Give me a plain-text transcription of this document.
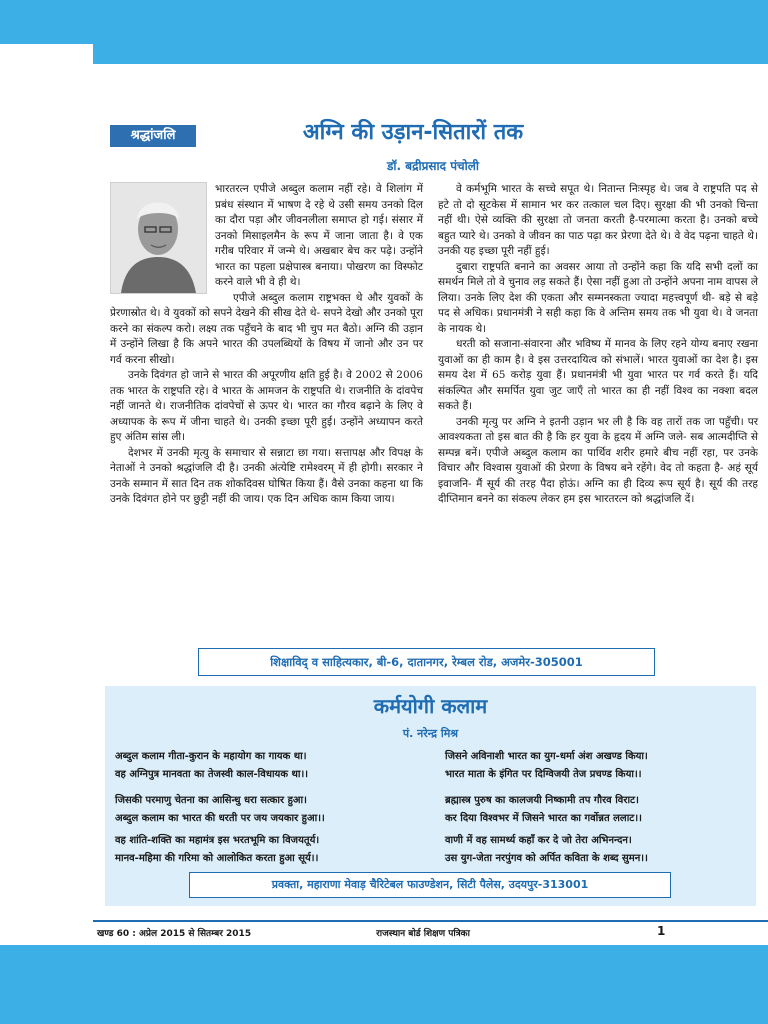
श्रद्धांजलि	अग्नि की उड़ान-सितारों तक
डॉ. बद्रीप्रसाद पंचोली

भारतरत्न एपीजे अब्दुल कलाम नहीं रहे। वे शिलांग में प्रबंध संस्थान में भाषण दे रहे थे उसी समय उनको दिल का दौरा पड़ा और जीवनलीला समाप्त हो गई। संसार में उनको मिसाइलमैन के रूप में जाना जाता है। वे एक गरीब परिवार में जन्मे थे। अखबार बेच कर पढ़े। उन्होंने भारत का पहला प्रक्षेपास्त्र बनाया। पोखरण का विस्फोट करने वाले भी वे ही थे।

एपीजे अब्दुल कलाम राष्ट्रभक्त थे और युवकों के प्रेरणास्रोत थे। वे युवकों को सपने देखने की सीख देते थे- सपने देखो और उनको पूरा करने का संकल्प करो। लक्ष्य तक पहुँचने के बाद भी चुप मत बैठो। अग्नि की उड़ान में उन्होंने लिखा है कि अपने भारत की उपलब्धियों के विषय में जानो और उन पर गर्व करना सीखो।

उनके दिवंगत हो जाने से भारत की अपूरणीय क्षति हुई है। वे 2002 से 2006 तक भारत के राष्ट्रपति रहे। वे भारत के आमजन के राष्ट्रपति थे। राजनीति के दांवपेच नहीं जानते थे। राजनीतिक दांवपेचों से ऊपर थे। भारत का गौरव बढ़ाने के लिए वे अध्यापक के रूप में जीना चाहते थे। उनकी इच्छा पूरी हुई। उन्होंने अध्यापन करते हुए अंतिम सांस ली।

देशभर में उनकी मृत्यु के समाचार से सन्नाटा छा गया। सत्तापक्ष और विपक्ष के नेताओं ने उनको श्रद्धांजलि दी है। उनकी अंत्येष्टि रामेश्वरम् में ही होगी। सरकार ने उनके सम्मान में सात दिन तक शोकदिवस घोषित किया हैं। वैसे उनका कहना था कि उनके दिवंगत होने पर छुट्टी नहीं की जाय। एक दिन अधिक काम किया जाय।

वे कर्मभूमि भारत के सच्चे सपूत थे। नितान्त निःस्पृह थे। जब वे राष्ट्रपति पद से हटे तो दो सूटकेस में सामान भर कर तत्काल चल दिए। सुरक्षा की भी उनको चिन्ता नहीं थी। ऐसे व्यक्ति की सुरक्षा तो जनता करती है-परमात्मा करता है। उनको बच्चे बहुत प्यारे थे। उनको वे जीवन का पाठ पढ़ा कर प्रेरणा देते थे। वे वेद पढ़ना चाहते थे। उनकी यह इच्छा पूरी नहीं हुई।

दुबारा राष्ट्रपति बनाने का अवसर आया तो उन्होंने कहा कि यदि सभी दलों का समर्थन मिले तो वे चुनाव लड़ सकते हैं। ऐसा नहीं हुआ तो उन्होंने अपना नाम वापस ले लिया। उनके लिए देश की एकता और सम्मनस्कता ज्यादा महत्त्वपूर्ण थी- बड़े से बड़े पद से अधिक। प्रधानमंत्री ने सही कहा कि वे अन्तिम समय तक भी युवा थे। वे जनता के नायक थे।

धरती को सजाना-संवारना और भविष्य में मानव के लिए रहने योग्य बनाए रखना युवाओं का ही काम है। वे इस उत्तरदायित्व को संभालें। भारत युवाओं का देश है। इस समय देश में 65 करोड़ युवा हैं। प्रधानमंत्री भी युवा भारत पर गर्व करते हैं। यदि संकल्पित और समर्पित युवा जुट जाएँ तो भारत का ही नहीं विश्व का नक्शा बदल सकते हैं।

उनकी मृत्यु पर अग्नि ने इतनी उड़ान भर ली है कि वह तारों तक जा पहुँची। पर आवश्यकता तो इस बात की है कि हर युवा के हृदय में अग्नि जले- सब आत्मदीप्ति से सम्पन्न बनें। एपीजे अब्दुल कलाम का पार्थिव शरीर हमारे बीच नहीं रहा, पर उनके विचार और विश्वास युवाओं की प्रेरणा के विषय बने रहेंगे। वेद तो कहता है- अहं सूर्य इवाजनि- मैं सूर्य की तरह पैदा होऊं। अग्नि का ही दिव्य रूप सूर्य है। सूर्य की तरह दीप्तिमान बनने का संकल्प लेकर हम इस भारतरत्न को श्रद्धांजलि दें।

शिक्षाविद् व साहित्यकार, बी-6, दातानगर, रेम्बल रोड, अजमेर-305001
कर्मयोगी कलाम
पं. नरेन्द्र मिश्र
अब्दुल कलाम गीता-कुरान के महायोग का गायक था।
वह अग्निपुत्र मानवता का तेजस्वी काल-विधायक था।।
जिसकी परमाणु चेतना का आसिन्धु धरा सत्कार हुआ।
अब्दुल कलाम का भारत की धरती पर जय जयकार हुआ।।
वह शांति-शक्ति का महामंत्र इस भरतभूमि का विजयतूर्य।
मानव-महिमा की गरिमा को आलोकित करता हुआ सूर्य।।
जिसने अविनाशी भारत का युग-धर्मा अंश अखण्ड किया।
भारत माता के इंगित पर दिग्विजयी तेज प्रचण्ड किया।।
ब्रह्मास्त्र पुरुष का कालजयी निष्कामी तप गौरव विराट।
कर दिया विश्वभर में जिसने भारत का गर्वोन्नत ललाट।।
वाणी में वह सामर्थ्य कहाँ कर दे जो तेरा अभिनन्दन।
उस युग-जेता नरपुंगव को अर्पित कविता के शब्द सुमन।।
प्रवक्ता, महाराणा मेवाड़ चैरिटेबल फाउण्डेशन, सिटी पैलेस, उदयपुर-313001
खण्ड 60 : अप्रेल 2015 से सितम्बर 2015	राजस्थान बोर्ड शिक्षण पत्रिका	1
